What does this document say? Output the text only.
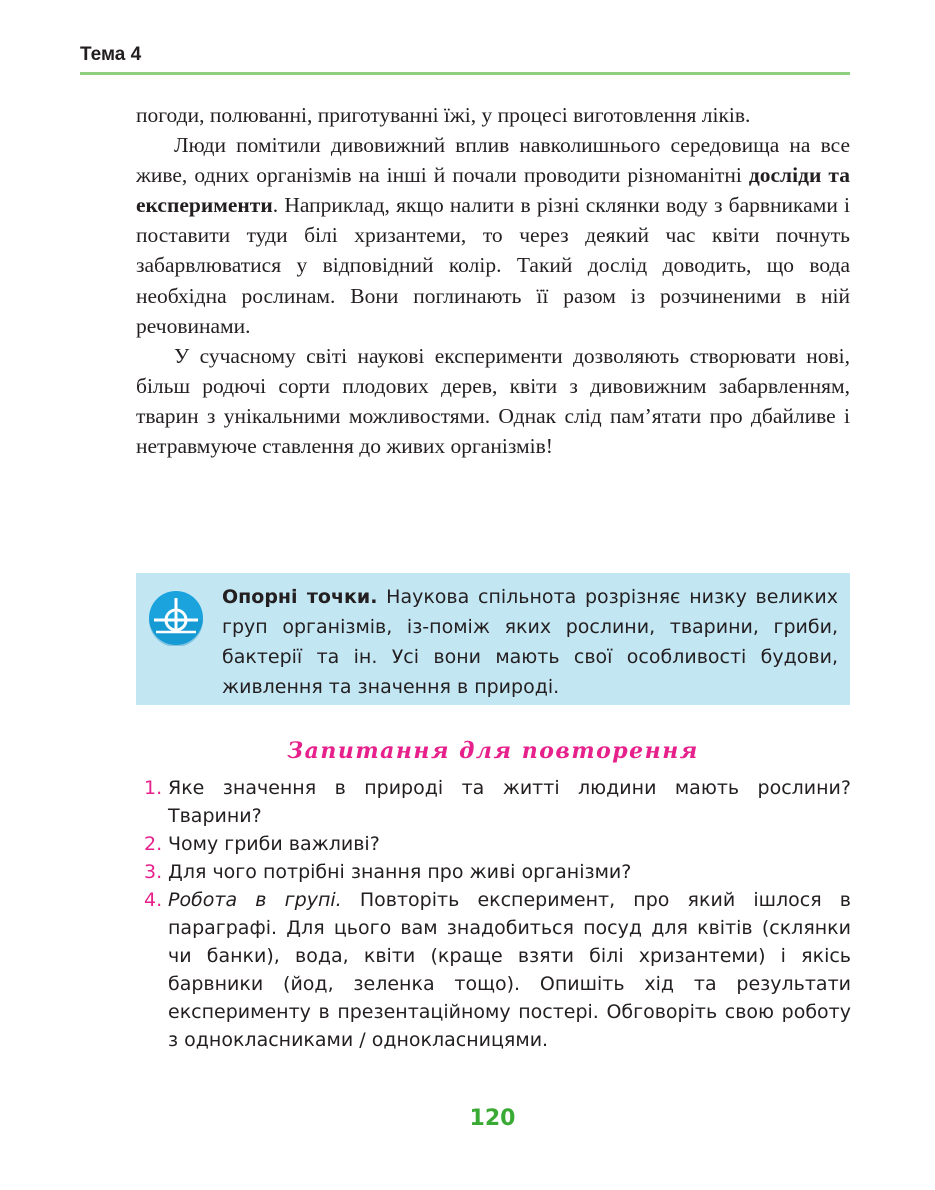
Тема 4

погоди, полюванні, приготуванні їжі, у процесі виготовлення ліків.

Люди помітили дивовижний вплив навколишнього середовища на все живе, одних організмів на інші й почали проводити різноманітні досліди та експерименти. Наприклад, якщо налити в різні склянки воду з барвниками і поставити туди білі хризантеми, то через деякий час квіти почнуть забарвлюватися у відповідний колір. Такий дослід доводить, що вода необхідна рослинам. Вони поглинають її разом із розчиненими в ній речовинами.

У сучасному світі наукові експерименти дозволяють створювати нові, більш родючі сорти плодових дерев, квіти з дивовижним забарвленням, тварин з унікальними можливостями. Однак слід пам’ятати про дбайливе і нетравмуюче ставлення до живих організмів!

Опорні точки. Наукова спільнота розрізняє низку великих груп організмів, із-поміж яких рослини, тварини, гриби, бактерії та ін. Усі вони мають свої особливості будови, живлення та значення в природі.
Запитання для повторення
1. Яке значення в природі та житті людини мають рослини? Тварини?
2. Чому гриби важливі?
3. Для чого потрібні знання про живі організми?
4. Робота в групі. Повторіть експеримент, про який ішлося в параграфі. Для цього вам знадобиться посуд для квітів (склянки чи банки), вода, квіти (краще взяти білі хризантеми) і якісь барвники (йод, зеленка тощо). Опишіть хід та результати експерименту в презентаційному постері. Обговоріть свою роботу з однокласниками / однокласницями.
120
